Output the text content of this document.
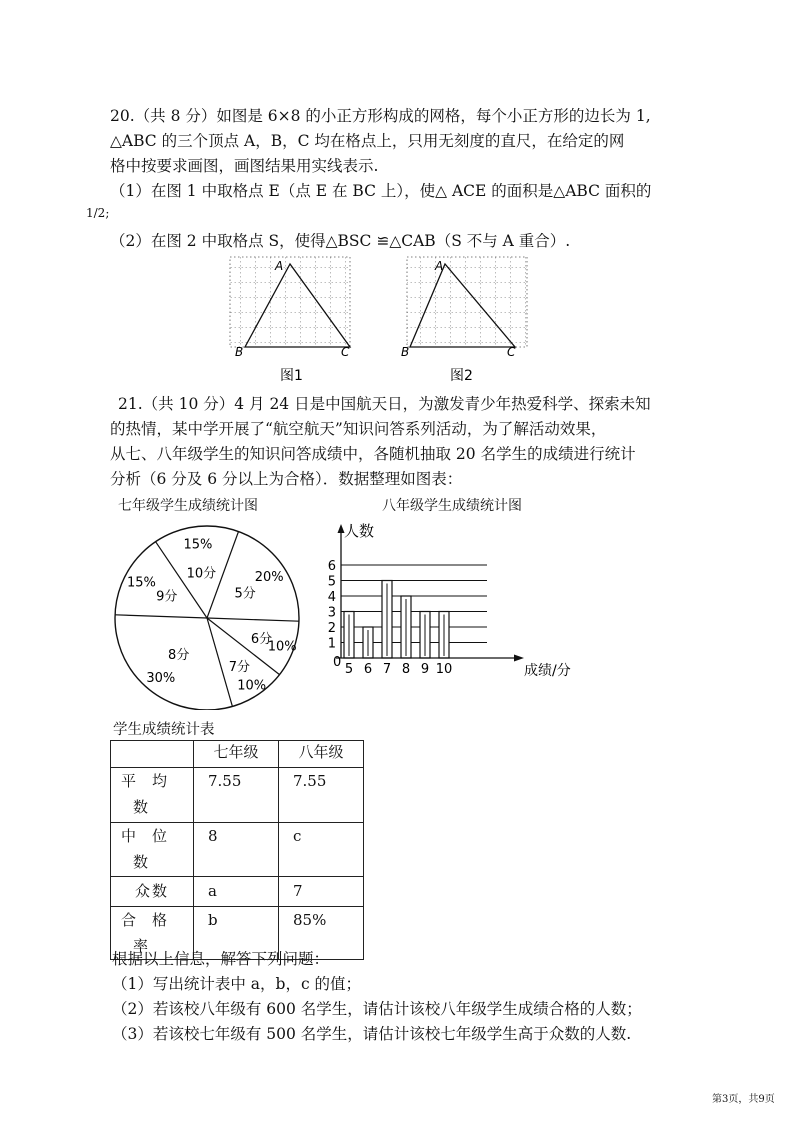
20.（共 8 分）如图是 6×8 的小正方形构成的网格，每个小正方形的边长为 1,
△ABC 的三个顶点 A，B，C 均在格点上，只用无刻度的直尺，在给定的网
格中按要求画图，画图结果用实线表示.
（1）在图 1 中取格点 E（点 E 在 BC 上），使△ ACE 的面积是△ABC 面积的
1/2;
（2）在图 2 中取格点 S，使得△BSC ≌△CAB（S 不与 A 重合）.
A
B	C
图1
A
B	C
图2
21.（共 10 分）4 月 24 日是中国航天日，为激发青少年热爱科学、探索未知
的热情，某中学开展了“航空航天”知识问答系列活动，为了解活动效果，
从七、八年级学生的知识问答成绩中，各随机抽取 20 名学生的成绩进行统计
分析（6 分及 6 分以上为合格）．数据整理如图表：
七年级学生成绩统计图	八年级学生成绩统计图
5分
20%
6分
10%
7分
10%
8分
30%
9分
15%
10分
15%
1
2
3
4
5
6
5 6 7 8 9 10
人数
成绩/分
0
学生成绩统计表
	七年级	八年级

平均
数	7.55	7.55

中位
数	8	c
众数	a	7

合格
率	b	85%
根据以上信息，解答下列问题：
（1）写出统计表中 a，b，c 的值；
（2）若该校八年级有 600 名学生，请估计该校八年级学生成绩合格的人数；
（3）若该校七年级有 500 名学生，请估计该校七年级学生高于众数的人数.
第3页，共9页
